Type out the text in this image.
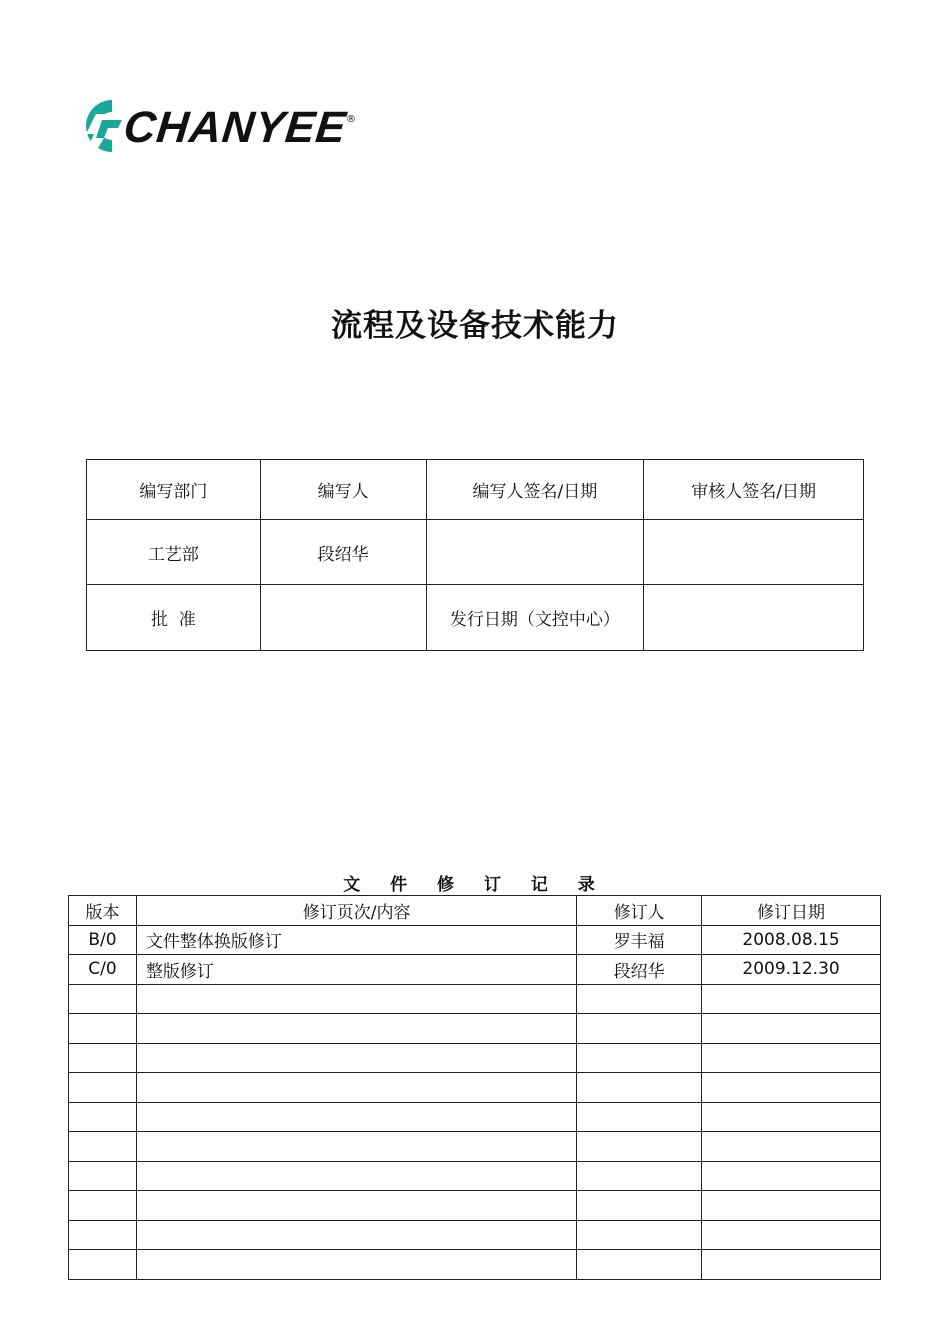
CHANYEE
®
流程及设备技术能力
编写部门	编写人	编写人签名/日期	审核人签名/日期
工艺部	段绍华		
批  准		发行日期（文控中心）	
文 件 修 订 记 录
版本	修订页次/内容	修订人	修订日期
B/0	文件整体换版修订	罗丰福	2008.08.15
C/0	整版修订	段绍华	2009.12.30
